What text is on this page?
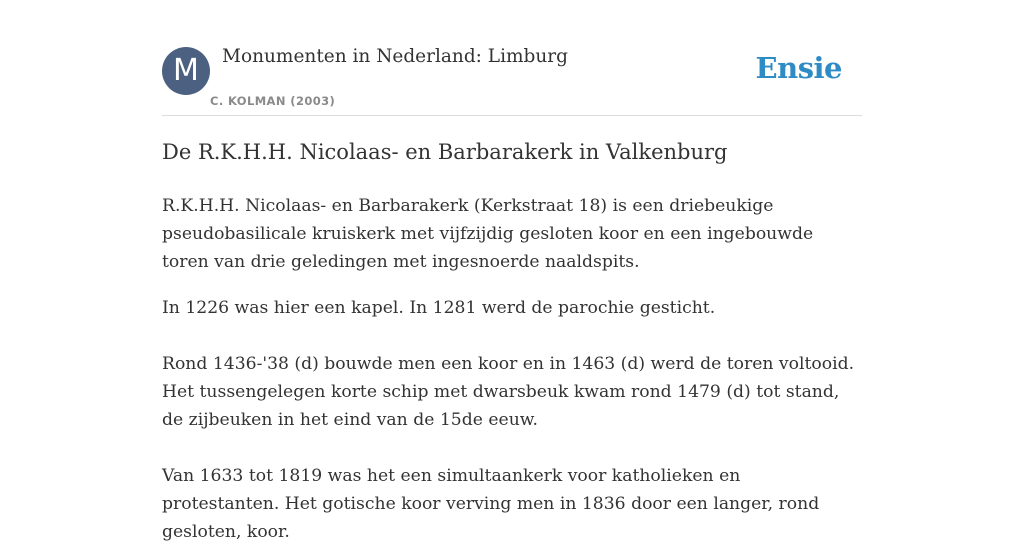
M	Monumenten in Nederland: Limburg
C. KOLMAN (2003)
Ensie
De R.K.H.H. Nicolaas- en Barbarakerk in Valkenburg

R.K.H.H. Nicolaas- en Barbarakerk (Kerkstraat 18) is een driebeukige pseudobasilicale kruiskerk met vijfzijdig gesloten koor en een ingebouwde toren van drie geledingen met ingesnoerde naaldspits.

In 1226 was hier een kapel. In 1281 werd de parochie gesticht.

Rond 1436-'38 (d) bouwde men een koor en in 1463 (d) werd de toren voltooid. Het tussengelegen korte schip met dwarsbeuk kwam rond 1479 (d) tot stand, de zijbeuken in het eind van de 15de eeuw.

Van 1633 tot 1819 was het een simultaankerk voor katholieken en protestanten. Het gotische koor verving men in 1836 door een langer, rond gesloten, koor.
